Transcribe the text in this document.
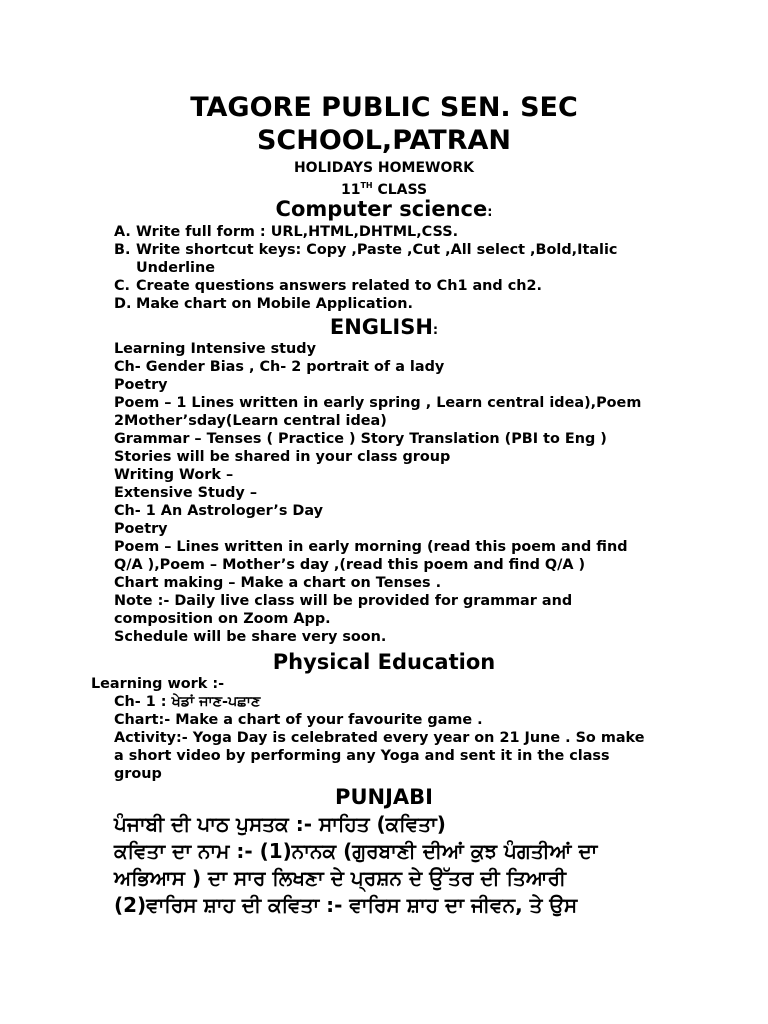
TAGORE PUBLIC SEN. SEC
SCHOOL,PATRAN
HOLIDAYS HOMEWORK
11TH CLASS
Computer science:
A. Write full form : URL,HTML,DHTML,CSS.
B. Write shortcut keys: Copy ,Paste ,Cut ,All select ,Bold,Italic
Underline
C. Create questions answers related to Ch1 and ch2.
D. Make chart on Mobile Application.
ENGLISH:
Learning Intensive study
Ch- Gender Bias , Ch- 2 portrait of a lady
Poetry
Poem – 1 Lines written in early spring , Learn central idea),Poem
2Mother’sday(Learn central idea)
Grammar – Tenses ( Practice ) Story Translation (PBI to Eng )
Stories will be shared in your class group
Writing Work –
Extensive Study –
Ch- 1 An Astrologer’s Day
Poetry
Poem – Lines written in early morning (read this poem and find
Q/A ),Poem – Mother’s day ,(read this poem and find Q/A )
Chart making – Make a chart on Tenses .
Note :- Daily live class will be provided for grammar and
composition on Zoom App.
Schedule will be share very soon.
Physical Education
Learning work :-
Ch- 1 : ਖੇਡਾਂ ਜਾਣ-ਪਛਾਣ
Chart:- Make a chart of your favourite game .
Activity:- Yoga Day is celebrated every year on 21 June . So make
a short video by performing any Yoga and sent it in the class
group
PUNJABI
ਪੰਜਾਬੀ ਦੀ ਪਾਠ ਪੁਸਤਕ :- ਸਾਹਿਤ (ਕਵਿਤਾ)
ਕਵਿਤਾ ਦਾ ਨਾਮ :- (1)ਨਾਨਕ (ਗੁਰਬਾਣੀ ਦੀਆਂ ਕੁਝ ਪੰਗਤੀਆਂ ਦਾ
ਅਭਿਆਸ ) ਦਾ ਸਾਰ ਲਿਖਣਾ ਦੇ ਪ੍ਰਸ਼ਨ ਦੇ ਉੱਤਰ ਦੀ ਤਿਆਰੀ
(2)ਵਾਰਿਸ ਸ਼ਾਹ ਦੀ ਕਵਿਤਾ :- ਵਾਰਿਸ ਸ਼ਾਹ ਦਾ ਜੀਵਨ, ਤੇ ਉਸ
